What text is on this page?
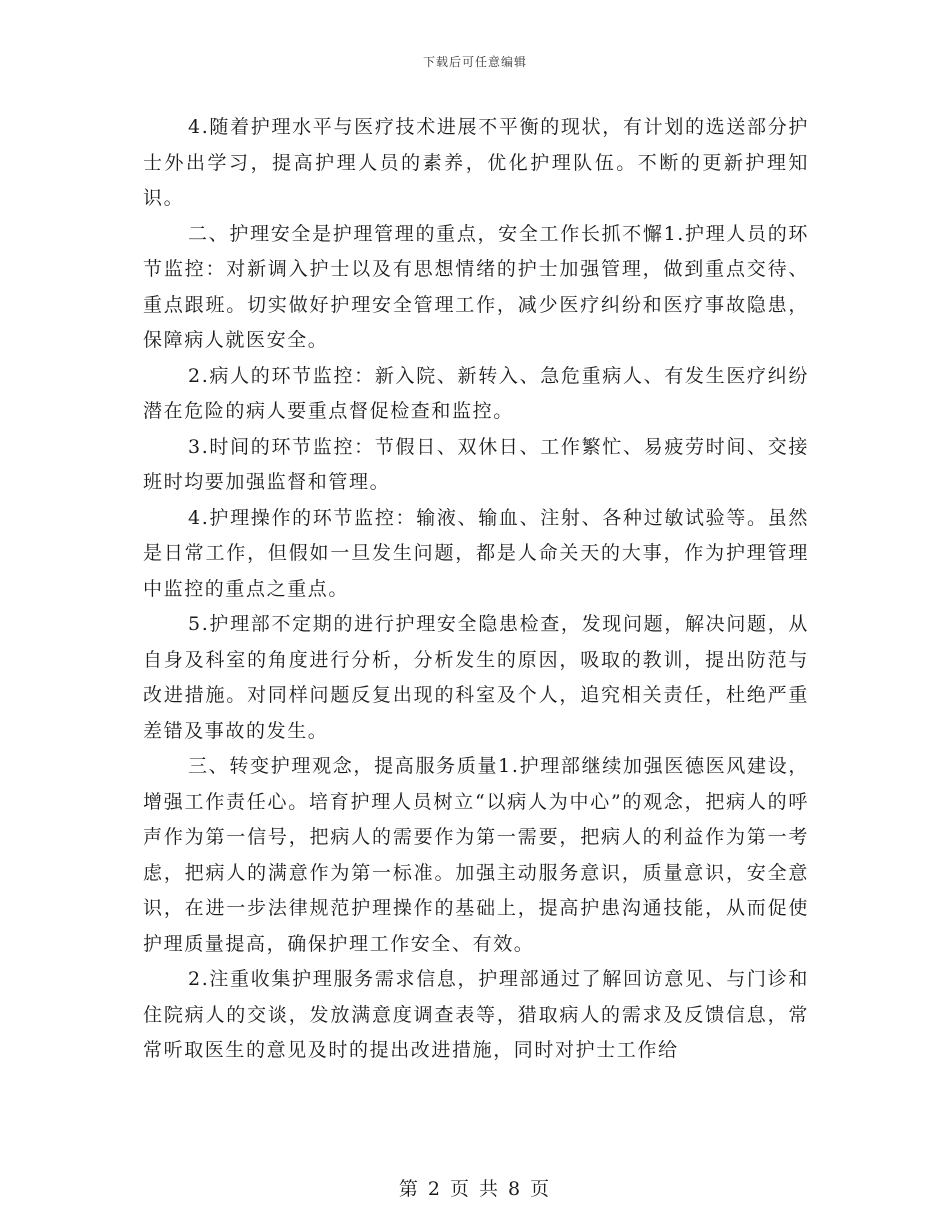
下载后可任意编辑

4.随着护理水平与医疗技术进展不平衡的现状，有计划的选送部分护士外出学习，提高护理人员的素养，优化护理队伍。不断的更新护理知识。

二、护理安全是护理管理的重点，安全工作长抓不懈1.护理人员的环节监控：对新调入护士以及有思想情绪的护士加强管理，做到重点交待、重点跟班。切实做好护理安全管理工作，减少医疗纠纷和医疗事故隐患，保障病人就医安全。

2.病人的环节监控：新入院、新转入、急危重病人、有发生医疗纠纷潜在危险的病人要重点督促检查和监控。

3.时间的环节监控：节假日、双休日、工作繁忙、易疲劳时间、交接班时均要加强监督和管理。

4.护理操作的环节监控：输液、输血、注射、各种过敏试验等。虽然是日常工作，但假如一旦发生问题，都是人命关天的大事，作为护理管理中监控的重点之重点。

5.护理部不定期的进行护理安全隐患检查，发现问题，解决问题，从自身及科室的角度进行分析，分析发生的原因，吸取的教训，提出防范与改进措施。对同样问题反复出现的科室及个人，追究相关责任，杜绝严重差错及事故的发生。

三、转变护理观念，提高服务质量1.护理部继续加强医德医风建设，增强工作责任心。培育护理人员树立“以病人为中心”的观念，把病人的呼声作为第一信号，把病人的需要作为第一需要，把病人的利益作为第一考虑，把病人的满意作为第一标准。加强主动服务意识，质量意识，安全意识，在进一步法律规范护理操作的基础上，提高护患沟通技能，从而促使护理质量提高，确保护理工作安全、有效。

2.注重收集护理服务需求信息，护理部通过了解回访意见、与门诊和住院病人的交谈，发放满意度调查表等，猎取病人的需求及反馈信息，常常听取医生的意见及时的提出改进措施，同时对护士工作给

第 2 页 共 8 页
